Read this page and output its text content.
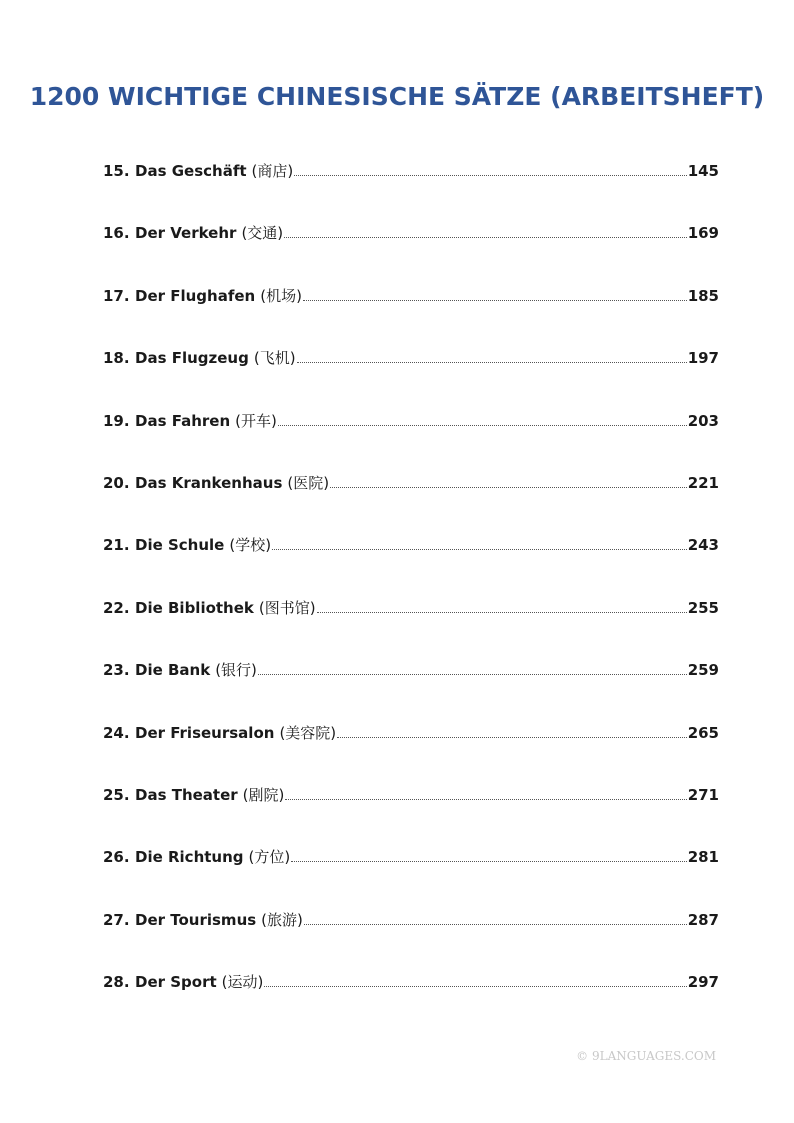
1200 WICHTIGE CHINESISCHE SÄTZE (ARBEITSHEFT)
15. Das Geschäft (商店)	145
16. Der Verkehr (交通)	169
17. Der Flughafen (机场)	185
18. Das Flugzeug (飞机)	197
19. Das Fahren (开车)	203
20. Das Krankenhaus (医院)	221
21. Die Schule (学校)	243
22. Die Bibliothek (图书馆)	255
23. Die Bank (银行)	259
24. Der Friseursalon (美容院)	265
25. Das Theater (剧院)	271
26. Die Richtung (方位)	281
27. Der Tourismus (旅游)	287
28. Der Sport (运动)	297
© 9LANGUAGES.COM
